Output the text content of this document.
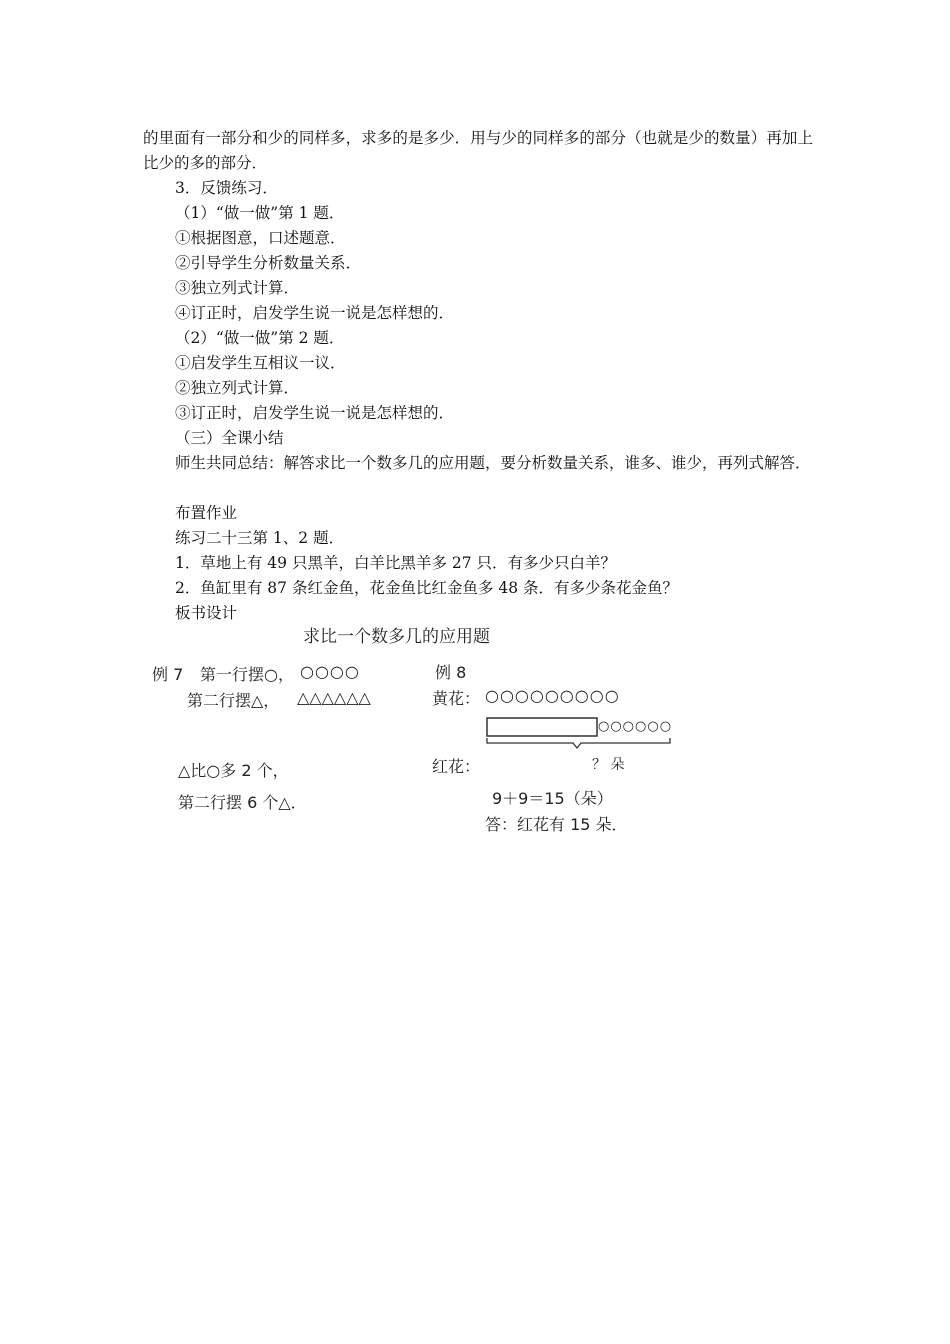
的里面有一部分和少的同样多，求多的是多少．用与少的同样多的部分（也就是少的数量）再加上比少的多的部分．
3．反馈练习．
（1）“做一做”第 1 题．
①根据图意，口述题意．
②引导学生分析数量关系．
③独立列式计算．
④订正时，启发学生说一说是怎样想的．
（2）“做一做”第 2 题．
①启发学生互相议一议．
②独立列式计算．
③订正时，启发学生说一说是怎样想的．
（三）全课小结
师生共同总结：解答求比一个数多几的应用题，要分析数量关系，谁多、谁少，再列式解答．
布置作业
练习二十三第 1、2 题．
1．草地上有 49 只黑羊，白羊比黑羊多 27 只．有多少只白羊？
2．鱼缸里有 87 条红金鱼，花金鱼比红金鱼多 48 条．有多少条花金鱼？
板书设计
求比一个数多几的应用题
例 7 第一行摆○， ○○○○
第二行摆△， △△△△△△
△比○多 2 个，
第二行摆 6 个△．
例 8
黄花： ○○○○○○○○○
○○○○○○
红花：	？ 朵
9＋9＝15（朵）
答：红花有 15 朵．
